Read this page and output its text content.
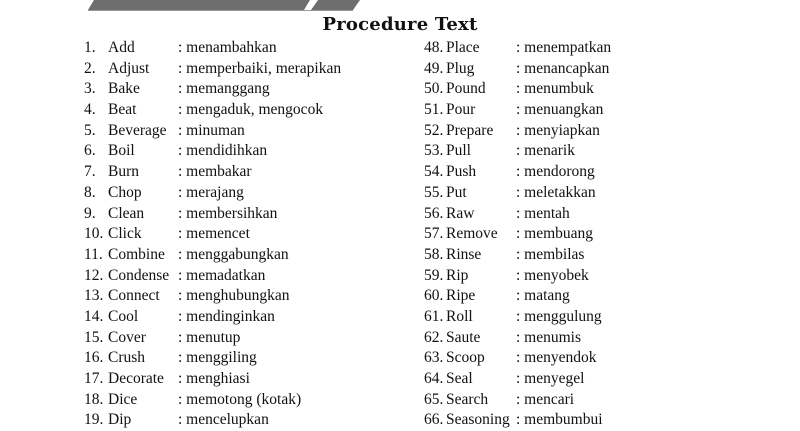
Procedure Text
1. Add	: menambahkan
2. Adjust : memperbaiki, merapikan
3. Bake : memanggang
4. Beat	: mengaduk, mengocok
5. Beverage : minuman
6. Boil	: mendidihkan
7. Burn	: membakar
8. Chop : merajang
9. Clean : membersihkan
10. Click : memencet
11. Combine : menggabungkan
12. Condense : memadatkan
13. Connect : menghubungkan
14. Cool	: mendinginkan
15. Cover : menutup
16. Crush : menggiling
17. Decorate : menghiasi
18. Dice	: memotong (kotak)
19. Dip	: mencelupkan
48. Place : menempatkan
49. Plug	: menancapkan
50. Pound : menumbuk
51. Pour	: menuangkan
52. Prepare : menyiapkan
53. Pull	: menarik
54. Push	: mendorong
55. Put	: meletakkan
56. Raw	: mentah
57. Remove : membuang
58. Rinse : membilas
59. Rip	: menyobek
60. Ripe	: matang
61. Roll	: menggulung
62. Saute : menumis
63. Scoop : menyendok
64. Seal	: menyegel
65. Search : mencari
66. Seasoning : membumbui
